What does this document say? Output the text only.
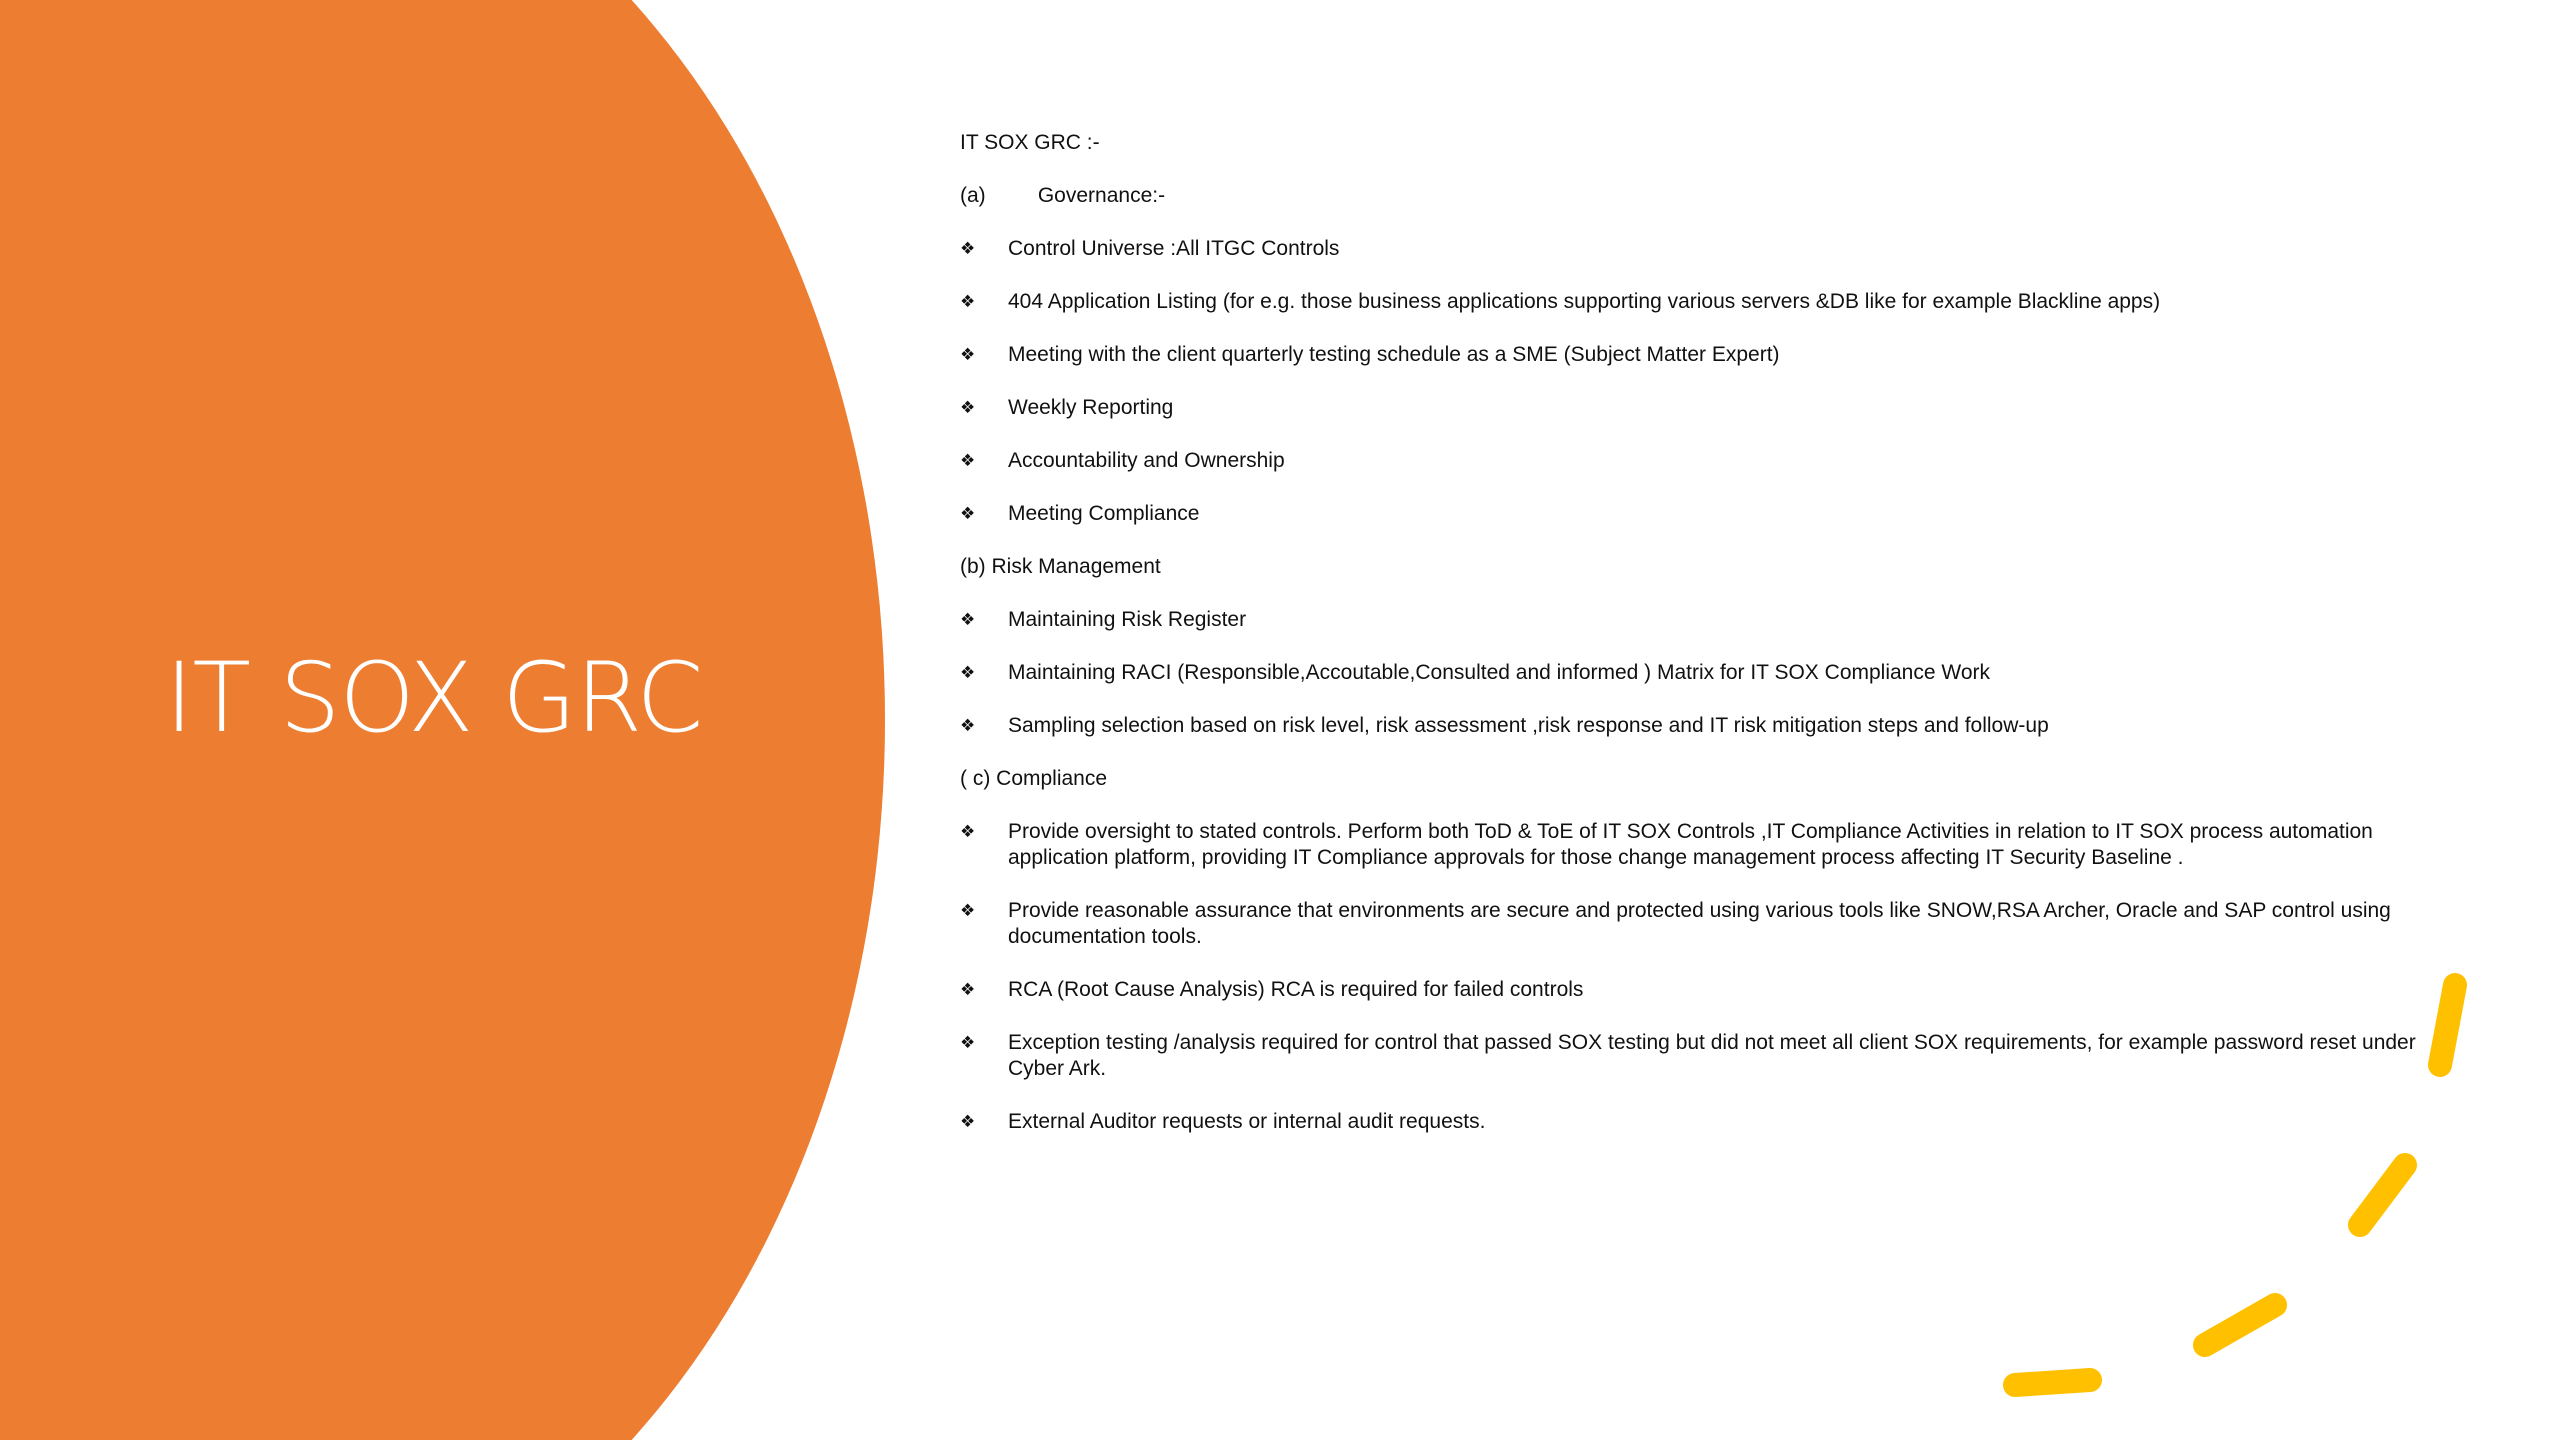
IT SOX GRC
IT SOX GRC :-
(a) Governance:-
❖	Control Universe :All ITGC Controls
❖	404 Application Listing (for e.g. those business applications supporting various servers &DB like for example Blackline apps)
❖	Meeting with the client quarterly testing schedule as a SME (Subject Matter Expert)
❖	Weekly Reporting
❖	Accountability and Ownership
❖	Meeting Compliance
(b) Risk Management
❖	Maintaining Risk Register
❖	Maintaining RACI (Responsible,Accoutable,Consulted and informed ) Matrix for IT SOX Compliance Work
❖	Sampling selection based on risk level, risk assessment ,risk response and IT risk mitigation steps and follow-up
( c) Compliance
❖	Provide oversight to stated controls. Perform both ToD & ToE of IT SOX Controls ,IT Compliance Activities in relation to IT SOX process automation application platform, providing IT Compliance approvals for those change management process affecting IT Security Baseline .
❖	Provide reasonable assurance that environments are secure and protected using various tools like SNOW,RSA Archer, Oracle and SAP control using documentation tools.
❖	RCA (Root Cause Analysis) RCA is required for failed controls
❖	Exception testing /analysis required for control that passed SOX testing but did not meet all client SOX requirements, for example password reset under Cyber Ark.
❖	External Auditor requests or internal audit requests.
